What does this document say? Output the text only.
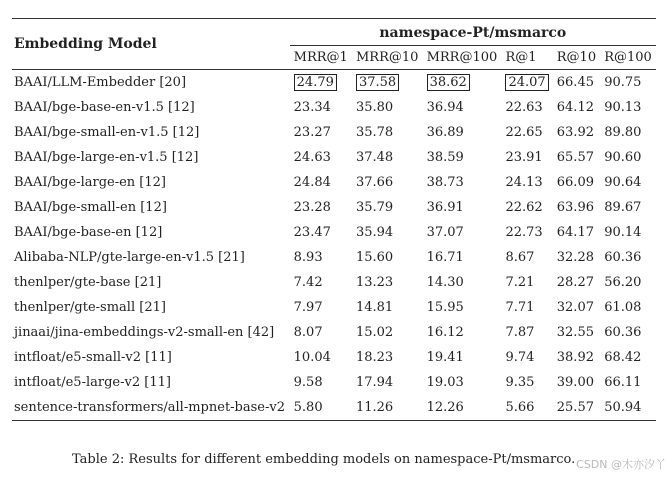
Embedding Model	namespace-Pt/msmarco					
	MRR@1	MRR@10	MRR@100	R@1	R@10	R@100
BAAI/LLM-Embedder [20]	24.79	37.58	38.62	24.07	66.45	90.75
BAAI/bge-base-en-v1.5 [12]	23.34	35.80	36.94	22.63	64.12	90.13
BAAI/bge-small-en-v1.5 [12]	23.27	35.78	36.89	22.65	63.92	89.80
BAAI/bge-large-en-v1.5 [12]	24.63	37.48	38.59	23.91	65.57	90.60
BAAI/bge-large-en [12]	24.84	37.66	38.73	24.13	66.09	90.64
BAAI/bge-small-en [12]	23.28	35.79	36.91	22.62	63.96	89.67
BAAI/bge-base-en [12]	23.47	35.94	37.07	22.73	64.17	90.14
Alibaba-NLP/gte-large-en-v1.5 [21]	8.93	15.60	16.71	8.67	32.28	60.36
thenlper/gte-base [21]	7.42	13.23	14.30	7.21	28.27	56.20
thenlper/gte-small [21]	7.97	14.81	15.95	7.71	32.07	61.08
jinaai/jina-embeddings-v2-small-en [42]	8.07	15.02	16.12	7.87	32.55	60.36
intfloat/e5-small-v2 [11]	10.04	18.23	19.41	9.74	38.92	68.42
intfloat/e5-large-v2 [11]	9.58	17.94	19.03	9.35	39.00	66.11
sentence-transformers/all-mpnet-base-v2	5.80	11.26	12.26	5.66	25.57	50.94
Table 2: Results for different embedding models on namespace-Pt/msmarco. CSDN @木亦汐丫
